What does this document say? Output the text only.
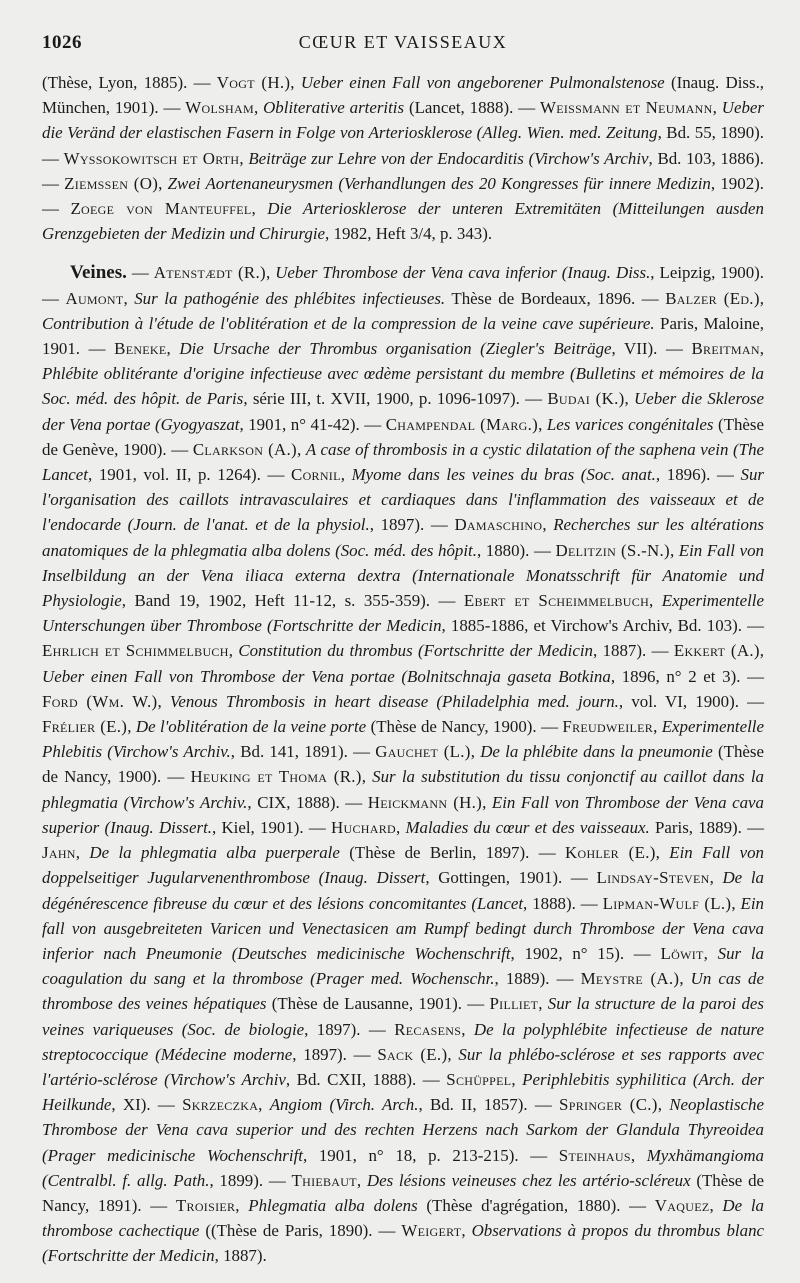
1026	CŒUR ET VAISSEAUX

(Thèse, Lyon, 1885). — Vogt (H.), Ueber einen Fall von angeborener Pulmonalstenose (Inaug. Diss., München, 1901). — Wolsham, Obliterative arteritis (Lancet, 1888). — Weissmann et Neumann, Ueber die Veränd der elastischen Fasern in Folge von Arteriosklerose (Alleg. Wien. med. Zeitung, Bd. 55, 1890). — Wyssokowitsch et Orth, Beiträge zur Lehre von der Endocarditis (Virchow's Archiv, Bd. 103, 1886). — Ziemssen (O), Zwei Aortenaneurysmen (Verhandlungen des 20 Kongresses für innere Medizin, 1902). — Zoege von Manteuffel, Die Arteriosklerose der unteren Extremitäten (Mitteilungen ausden Grenzgebieten der Medizin und Chirurgie, 1982, Heft 3/4, p. 343).

Veines. — Atenstædt (R.), Ueber Thrombose der Vena cava inferior (Inaug. Diss., Leipzig, 1900). — Aumont, Sur la pathogénie des phlébites infectieuses. Thèse de Bordeaux, 1896. — Balzer (Ed.), Contribution à l'étude de l'oblitération et de la compression de la veine cave supérieure. Paris, Maloine, 1901. — Beneke, Die Ursache der Thrombus organisation (Ziegler's Beiträge, VII). — Breitman, Phlébite oblitérante d'origine infectieuse avec œdème persistant du membre (Bulletins et mémoires de la Soc. méd. des hôpit. de Paris, série III, t. XVII, 1900, p. 1096-1097). — Budai (K.), Ueber die Sklerose der Vena portae (Gyogyaszat, 1901, n° 41-42). — Champendal (Marg.), Les varices congénitales (Thèse de Genève, 1900). — Clarkson (A.), A case of thrombosis in a cystic dilatation of the saphena vein (The Lancet, 1901, vol. II, p. 1264). — Cornil, Myome dans les veines du bras (Soc. anat., 1896). — Sur l'organisation des caillots intravasculaires et cardiaques dans l'inflammation des vaisseaux et de l'endocarde (Journ. de l'anat. et de la physiol., 1897). — Damaschino, Recherches sur les altérations anatomiques de la phlegmatia alba dolens (Soc. méd. des hôpit., 1880). — Delitzin (S.-N.), Ein Fall von Inselbildung an der Vena iliaca externa dextra (Internationale Monatsschrift für Anatomie und Physiologie, Band 19, 1902, Heft 11-12, s. 355-359). — Ebert et Scheimmelbuch, Experimentelle Unterschungen über Thrombose (Fortschritte der Medicin, 1885-1886, et Virchow's Archiv, Bd. 103). — Ehrlich et Schimmelbuch, Constitution du thrombus (Fortschritte der Medicin, 1887). — Ekkert (A.), Ueber einen Fall von Thrombose der Vena portae (Bolnitschnaja gaseta Botkina, 1896, n° 2 et 3). — Ford (Wm. W.), Venous Thrombosis in heart disease (Philadelphia med. journ., vol. VI, 1900). — Frélier (E.), De l'oblitération de la veine porte (Thèse de Nancy, 1900). — Freudweiler, Experimentelle Phlebitis (Virchow's Archiv., Bd. 141, 1891). — Gauchet (L.), De la phlébite dans la pneumonie (Thèse de Nancy, 1900). — Heuking et Thoma (R.), Sur la substitution du tissu conjonctif au caillot dans la phlegmatia (Virchow's Archiv., CIX, 1888). — Heickmann (H.), Ein Fall von Thrombose der Vena cava superior (Inaug. Dissert., Kiel, 1901). — Huchard, Maladies du cœur et des vaisseaux. Paris, 1889). — Jahn, De la phlegmatia alba puerperale (Thèse de Berlin, 1897). — Kohler (E.), Ein Fall von doppelseitiger Jugularvenenthrombose (Inaug. Dissert, Gottingen, 1901). — Lindsay-Steven, De la dégénérescence fibreuse du cœur et des lésions concomitantes (Lancet, 1888). — Lipman-Wulf (L.), Ein fall von ausgebreiteten Varicen und Venectasicen am Rumpf bedingt durch Thrombose der Vena cava inferior nach Pneumonie (Deutsches medicinische Wochenschrift, 1902, n° 15). — Löwit, Sur la coagulation du sang et la thrombose (Prager med. Wochenschr., 1889). — Meystre (A.), Un cas de thrombose des veines hépatiques (Thèse de Lausanne, 1901). — Pilliet, Sur la structure de la paroi des veines variqueuses (Soc. de biologie, 1897). — Recasens, De la polyphlébite infectieuse de nature streptococcique (Médecine moderne, 1897). — Sack (E.), Sur la phlébo-sclérose et ses rapports avec l'artério-sclérose (Virchow's Archiv, Bd. CXII, 1888). — Schüppel, Periphlebitis syphilitica (Arch. der Heilkunde, XI). — Skrzeczka, Angiom (Virch. Arch., Bd. II, 1857). — Springer (C.), Neoplastische Thrombose der Vena cava superior und des rechten Herzens nach Sarkom der Glandula Thyreoidea (Prager medicinische Wochenschrift, 1901, n° 18, p. 213-215). — Steinhaus, Myxhämangioma (Centralbl. f. allg. Path., 1899). — Thiebaut, Des lésions veineuses chez les artério-scléreux (Thèse de Nancy, 1891). — Troisier, Phlegmatia alba dolens (Thèse d'agrégation, 1880). — Vaquez, De la thrombose cachectique ((Thèse de Paris, 1890). — Weigert, Observations à propos du thrombus blanc (Fortschritte der Medicin, 1887).
